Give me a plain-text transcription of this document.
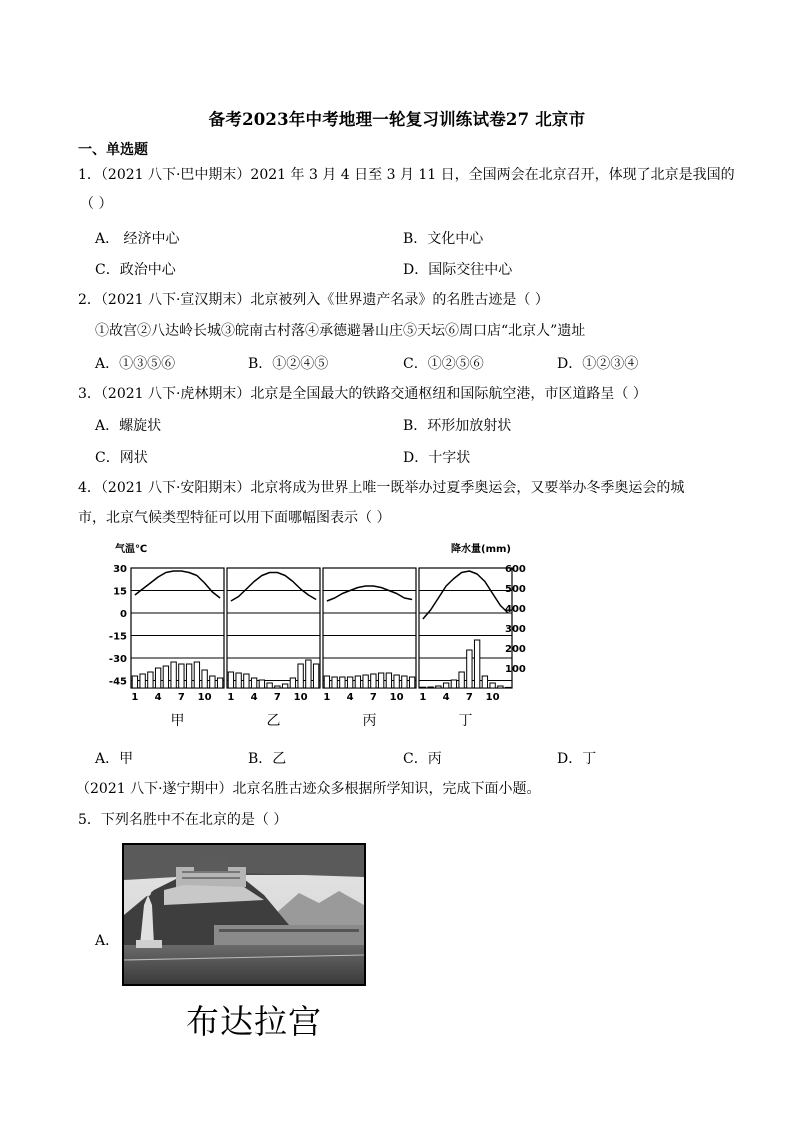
备考2023年中考地理一轮复习训练试卷27 北京市
一、单选题
1．（2021 八下·巴中期末）2021 年 3 月 4 日至 3 月 11 日，全国两会在北京召开，体现了北京是我国的
（ ）
A． 经济中心	B．文化中心
C．政治中心	D．国际交往中心
2．（2021 八下·宣汉期末）北京被列入《世界遗产名录》的名胜古迹是（ ）
①故宫②八达岭长城③皖南古村落④承德避暑山庄⑤天坛⑥周口店“北京人”遗址
A．①③⑤⑥	B．①②④⑤	C．①②⑤⑥	D．①②③④
3．（2021 八下·虎林期末）北京是全国最大的铁路交通枢纽和国际航空港，市区道路呈（ ）
A．螺旋状	B．环形加放射状
C．网状	D．十字状
4．（2021 八下·安阳期末）北京将成为世界上唯一既举办过夏季奥运会，又要举办冬季奥运会的城
市，北京气候类型特征可以用下面哪幅图表示（ ）
气温℃	降水量(mm)
30
15
0
-15
-30
-45
600
500
400
300
200
100
1 4 7 10
甲
1 4 7 10
乙
1 4 7 10
丙
1 4 7 10
丁
A．甲	B．乙	C．丙	D．丁
（2021 八下·遂宁期中）北京名胜古迹众多根据所学知识，完成下面小题。
5．下列名胜中不在北京的是（ ）
A．
布达拉宫
